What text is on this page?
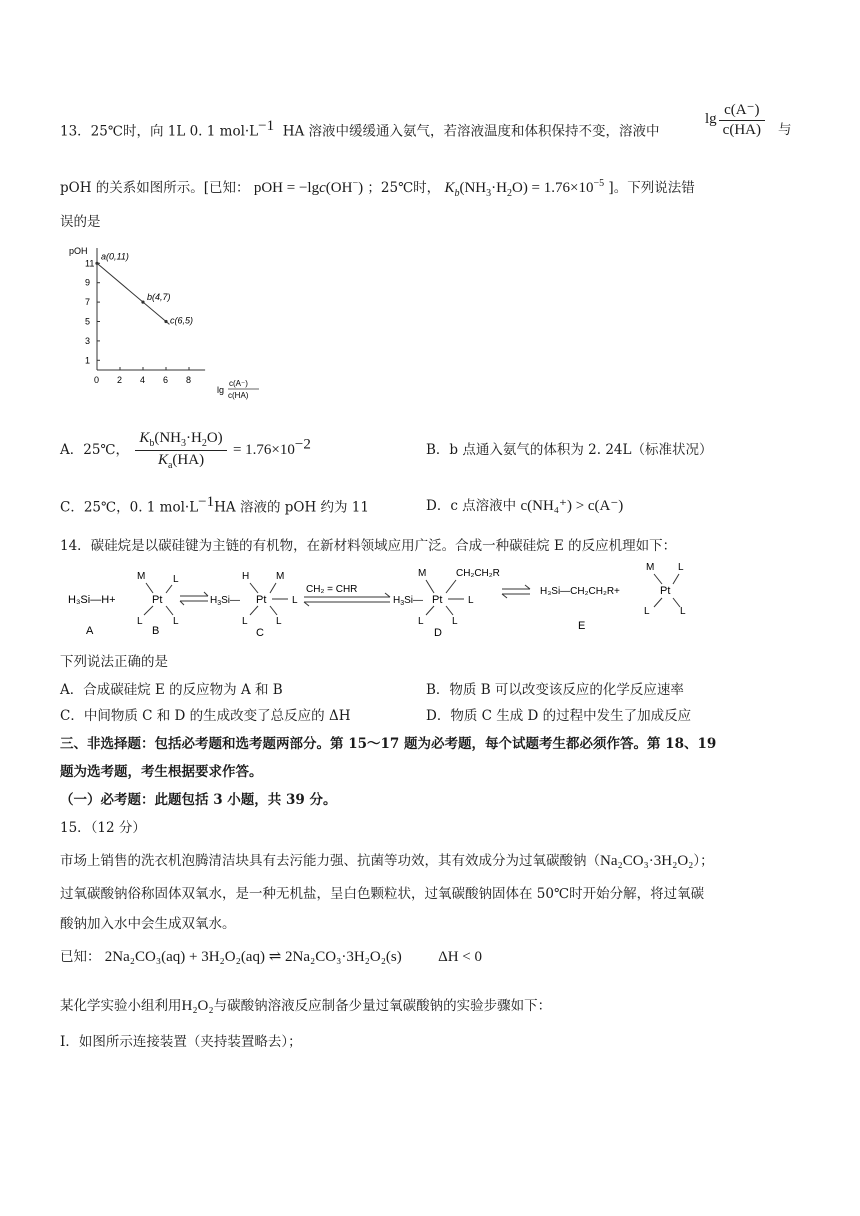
13．25℃时，向 1L 0. 1 $mol\cdot L^{-1}$ HA 溶液中缓缓通入氨气，若溶液温度和体积保持不变，溶液中
$\lg \frac{c(A^-)}{c(HA)}$ 与
pOH 的关系如图所示。[已知： pOH = −lgc(OH−) ；25℃时， $K_b(NH_3\cdot H_2O) = 1.76\times 10^{-5}$ ]。下列说法错
误的是
pOH
11
9
7
5
3
1
0 2 4 6 8
lg
c(A⁻)
c(HA)
a(0,11)
b(4,7)
c(6,5)
A．25℃， $\frac{K_b(NH_3\cdot H_2O)}{K_a(HA)} = 1.76\times 10^{-2}$	B．b 点通入氨气的体积为 2. 24L（标准状况）
C．25℃，0. 1 $mol\cdot L^{-1}HA$ 溶液的 pOH 约为 11	D．c 点溶液中 c(NH₄⁺) > c(A⁻)
14．碳硅烷是以碳硅键为主链的有机物，在新材料领域应用广泛。合成一种碳硅烷 E 的反应机理如下：
H₃Si—H+
A
M	L
Pt
L	L
B
$H_3Si—$
H	M
Pt	L
L	L
C
CH₂ = CHR
$H_3Si—$
M	CH₂CH₂R
Pt	L
L	L
D
H₃Si—CH₂CH₂R+
M L
Pt
L	L
E
下列说法正确的是
A．合成碳硅烷 E 的反应物为 A 和 B	B．物质 B 可以改变该反应的化学反应速率
C．中间物质 C 和 D 的生成改变了总反应的 ΔH	D．物质 C 生成 D 的过程中发生了加成反应
三、非选择题：包括必考题和选考题两部分。第 15～17 题为必考题，每个试题考生都必须作答。第 18、19
题为选考题，考生根据要求作答。
（一）必考题：此题包括 3 小题，共 39 分。
15．（12 分）
市场上销售的洗衣机泡腾清洁块具有去污能力强、抗菌等功效，其有效成分为过氧碳酸钠（Na₂CO₃·3H₂O₂）；
过氧碳酸钠俗称固体双氧水，是一种无机盐，呈白色颗粒状，过氧碳酸钠固体在 50℃时开始分解，将过氧碳
酸钠加入水中会生成双氧水。
已知： 2Na₂CO₃(aq) + 3H₂O₂(aq) ⇌ 2Na₂CO₃·3H₂O₂(s) ΔH < 0
某化学实验小组利用H₂O₂与碳酸钠溶液反应制备少量过氧碳酸钠的实验步骤如下：
Ⅰ．如图所示连接装置（夹持装置略去）；
